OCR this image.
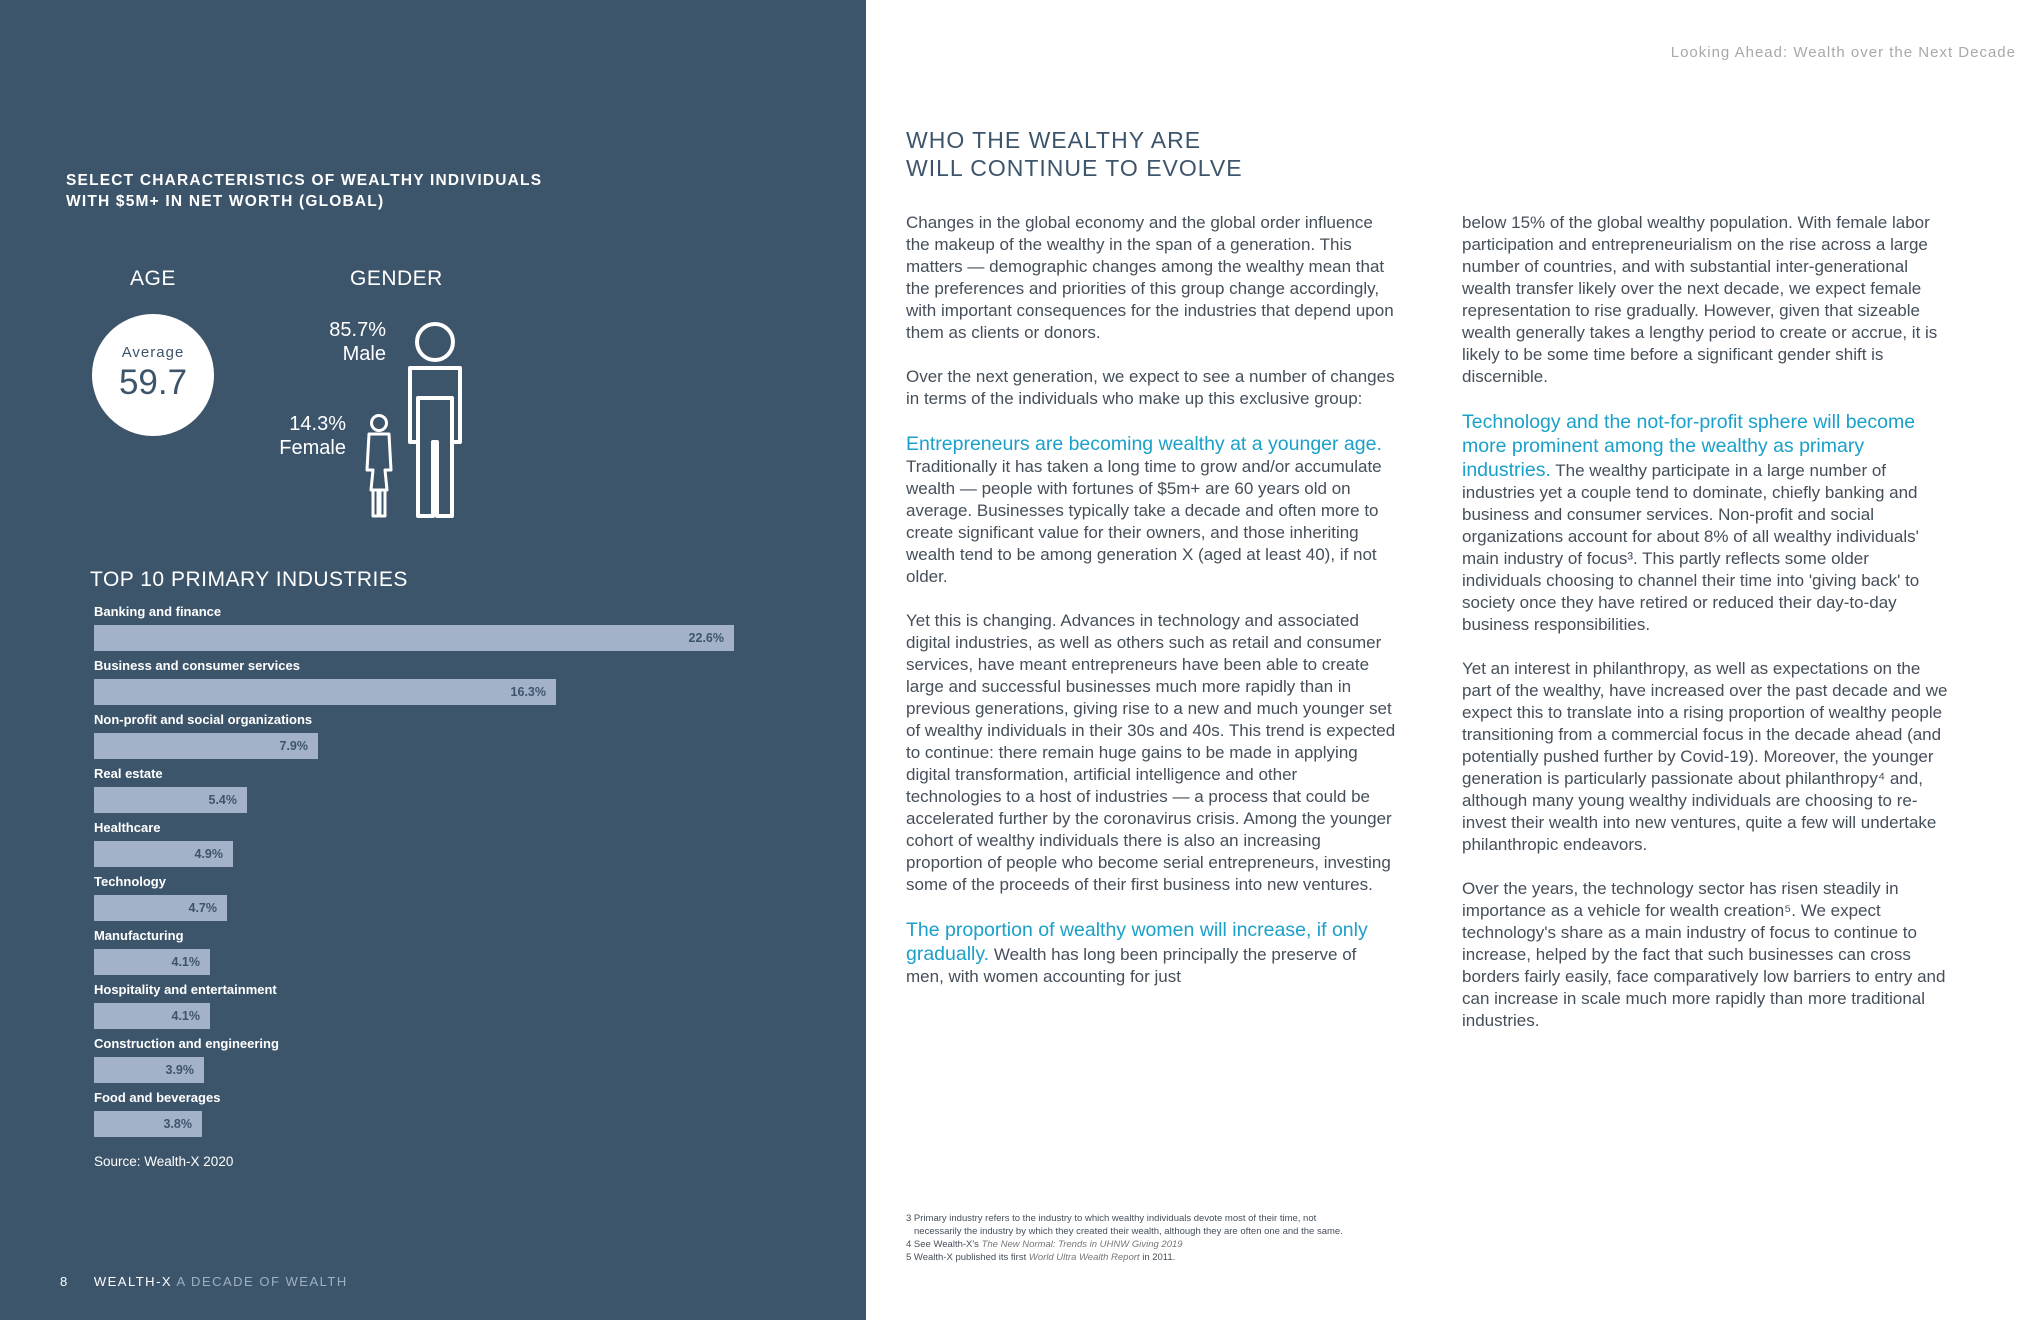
SELECT CHARACTERISTICS OF WEALTHY INDIVIDUALS
WITH $5M+ IN NET WORTH (GLOBAL)
AGE
Average
59.7
GENDER
85.7%
Male
14.3%
Female
TOP 10 PRIMARY INDUSTRIES
Banking and finance
22.6%
Business and consumer services
16.3%
Non-profit and social organizations
7.9%
Real estate
5.4%
Healthcare
4.9%
Technology
4.7%
Manufacturing
4.1%
Hospitality and entertainment
4.1%
Construction and engineering
3.9%
Food and beverages
3.8%
Source: Wealth-X 2020
8 WEALTH-X A DECADE OF WEALTH
Looking Ahead: Wealth over the Next Decade
WHO THE WEALTHY ARE
WILL CONTINUE TO EVOLVE

Changes in the global economy and the global order influence the makeup of the wealthy in the span of a generation. This matters — demographic changes among the wealthy mean that the preferences and priorities of this group change accordingly, with important consequences for the industries that depend upon them as clients or donors.

Over the next generation, we expect to see a number of changes in terms of the individuals who make up this exclusive group:

Entrepreneurs are becoming wealthy at a younger age. Traditionally it has taken a long time to grow and/or accumulate wealth — people with fortunes of $5m+ are 60 years old on average. Businesses typically take a decade and often more to create significant value for their owners, and those inheriting wealth tend to be among generation X (aged at least 40), if not older.

Yet this is changing. Advances in technology and associated digital industries, as well as others such as retail and consumer services, have meant entrepreneurs have been able to create large and successful businesses much more rapidly than in previous generations, giving rise to a new and much younger set of wealthy individuals in their 30s and 40s. This trend is expected to continue: there remain huge gains to be made in applying digital transformation, artificial intelligence and other technologies to a host of industries — a process that could be accelerated further by the coronavirus crisis. Among the younger cohort of wealthy individuals there is also an increasing proportion of people who become serial entrepreneurs, investing some of the proceeds of their first business into new ventures.

The proportion of wealthy women will increase, if only gradually. Wealth has long been principally the preserve of men, with women accounting for just

below 15% of the global wealthy population. With female labor participation and entrepreneurialism on the rise across a large number of countries, and with substantial inter-generational wealth transfer likely over the next decade, we expect female representation to rise gradually. However, given that sizeable wealth generally takes a lengthy period to create or accrue, it is likely to be some time before a significant gender shift is discernible.

Technology and the not-for-profit sphere will become more prominent among the wealthy as primary industries. The wealthy participate in a large number of industries yet a couple tend to dominate, chiefly banking and business and consumer services. Non-profit and social organizations account for about 8% of all wealthy individuals' main industry of focus³. This partly reflects some older individuals choosing to channel their time into 'giving back' to society once they have retired or reduced their day-to-day business responsibilities.

Yet an interest in philanthropy, as well as expectations on the part of the wealthy, have increased over the past decade and we expect this to translate into a rising proportion of wealthy people transitioning from a commercial focus in the decade ahead (and potentially pushed further by Covid-19). Moreover, the younger generation is particularly passionate about philanthropy⁴ and, although many young wealthy individuals are choosing to re-invest their wealth into new ventures, quite a few will undertake philanthropic endeavors.

Over the years, the technology sector has risen steadily in importance as a vehicle for wealth creation⁵. We expect technology's share as a main industry of focus to continue to increase, helped by the fact that such businesses can cross borders fairly easily, face comparatively low barriers to entry and can increase in scale much more rapidly than more traditional industries.

3 Primary industry refers to the industry to which wealthy individuals devote most of their time, not
necessarily the industry by which they created their wealth, although they are often one and the same.
4 See Wealth-X's The New Normal: Trends in UHNW Giving 2019
5 Wealth-X published its first World Ultra Wealth Report in 2011.
